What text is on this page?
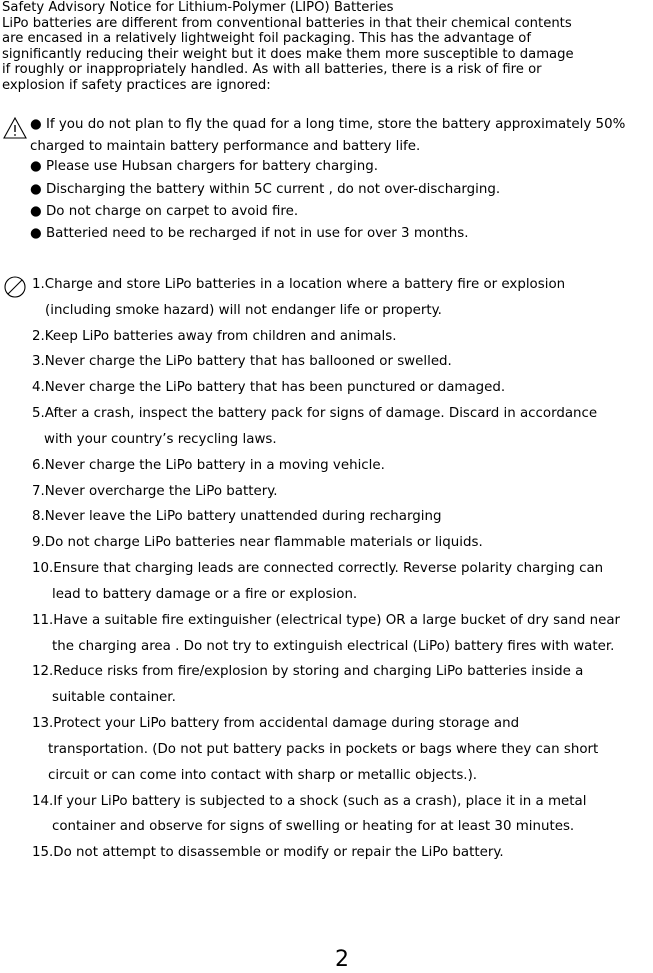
Safety Advisory Notice for Lithium-Polymer (LIPO) Batteries
LiPo batteries are different from conventional batteries in that their chemical contents
are encased in a relatively lightweight foil packaging. This has the advantage of
significantly reducing their weight but it does make them more susceptible to damage
if roughly or inappropriately handled. As with all batteries, there is a risk of fire or
explosion if safety practices are ignored:
● If you do not plan to fly the quad for a long time, store the battery approximately 50%
charged to maintain battery performance and battery life.
● Please use Hubsan chargers for battery charging.
● Discharging the battery within 5C current , do not over-discharging.
● Do not charge on carpet to avoid fire.
● Batteried need to be recharged if not in use for over 3 months.
1.Charge and store LiPo batteries in a location where a battery fire or explosion
(including smoke hazard) will not endanger life or property.
2.Keep LiPo batteries away from children and animals.
3.Never charge the LiPo battery that has ballooned or swelled.
4.Never charge the LiPo battery that has been punctured or damaged.
5.After a crash, inspect the battery pack for signs of damage. Discard in accordance
with your country’s recycling laws.
6.Never charge the LiPo battery in a moving vehicle.
7.Never overcharge the LiPo battery.
8.Never leave the LiPo battery unattended during recharging
9.Do not charge LiPo batteries near flammable materials or liquids.
10.Ensure that charging leads are connected correctly. Reverse polarity charging can
lead to battery damage or a fire or explosion.
11.Have a suitable fire extinguisher (electrical type) OR a large bucket of dry sand near
the charging area . Do not try to extinguish electrical (LiPo) battery fires with water.
12.Reduce risks from fire/explosion by storing and charging LiPo batteries inside a
suitable container.
13.Protect your LiPo battery from accidental damage during storage and
transportation. (Do not put battery packs in pockets or bags where they can short
circuit or can come into contact with sharp or metallic objects.).
14.If your LiPo battery is subjected to a shock (such as a crash), place it in a metal
container and observe for signs of swelling or heating for at least 30 minutes.
15.Do not attempt to disassemble or modify or repair the LiPo battery.
2
